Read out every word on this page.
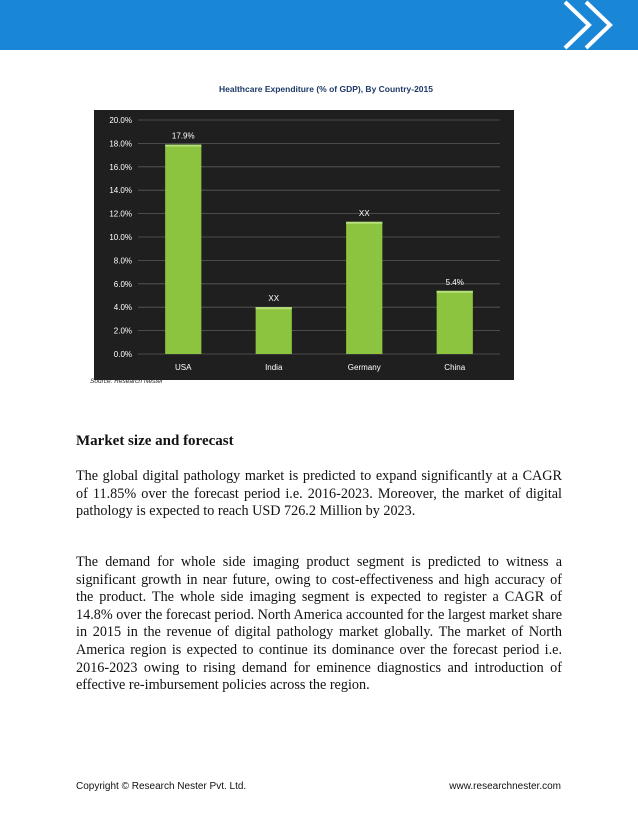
Healthcare Expenditure (% of GDP), By Country-2015
0.0%
2.0%
4.0%
6.0%
8.0%
10.0%
12.0%
14.0%
16.0%
18.0%
20.0%
17.9%
USA
XX
India
XX
Germany
5.4%
China
Source: Research Nester
Market size and forecast

The global digital pathology market is predicted to expand significantly at a CAGR of 11.85% over the forecast period i.e. 2016-2023. Moreover, the market of digital pathology is expected to reach USD 726.2 Million by 2023.

The demand for whole side imaging product segment is predicted to witness a significant growth in near future, owing to cost-effectiveness and high accuracy of the product. The whole side imaging segment is expected to register a CAGR of 14.8% over the forecast period. North America accounted for the largest market share in 2015 in the revenue of digital pathology market globally. The market of North America region is expected to continue its dominance over the forecast period i.e. 2016-2023 owing to rising demand for eminence diagnostics and introduction of effective re-imbursement policies across the region.

Copyright © Research Nester Pvt. Ltd.	www.researchnester.com
